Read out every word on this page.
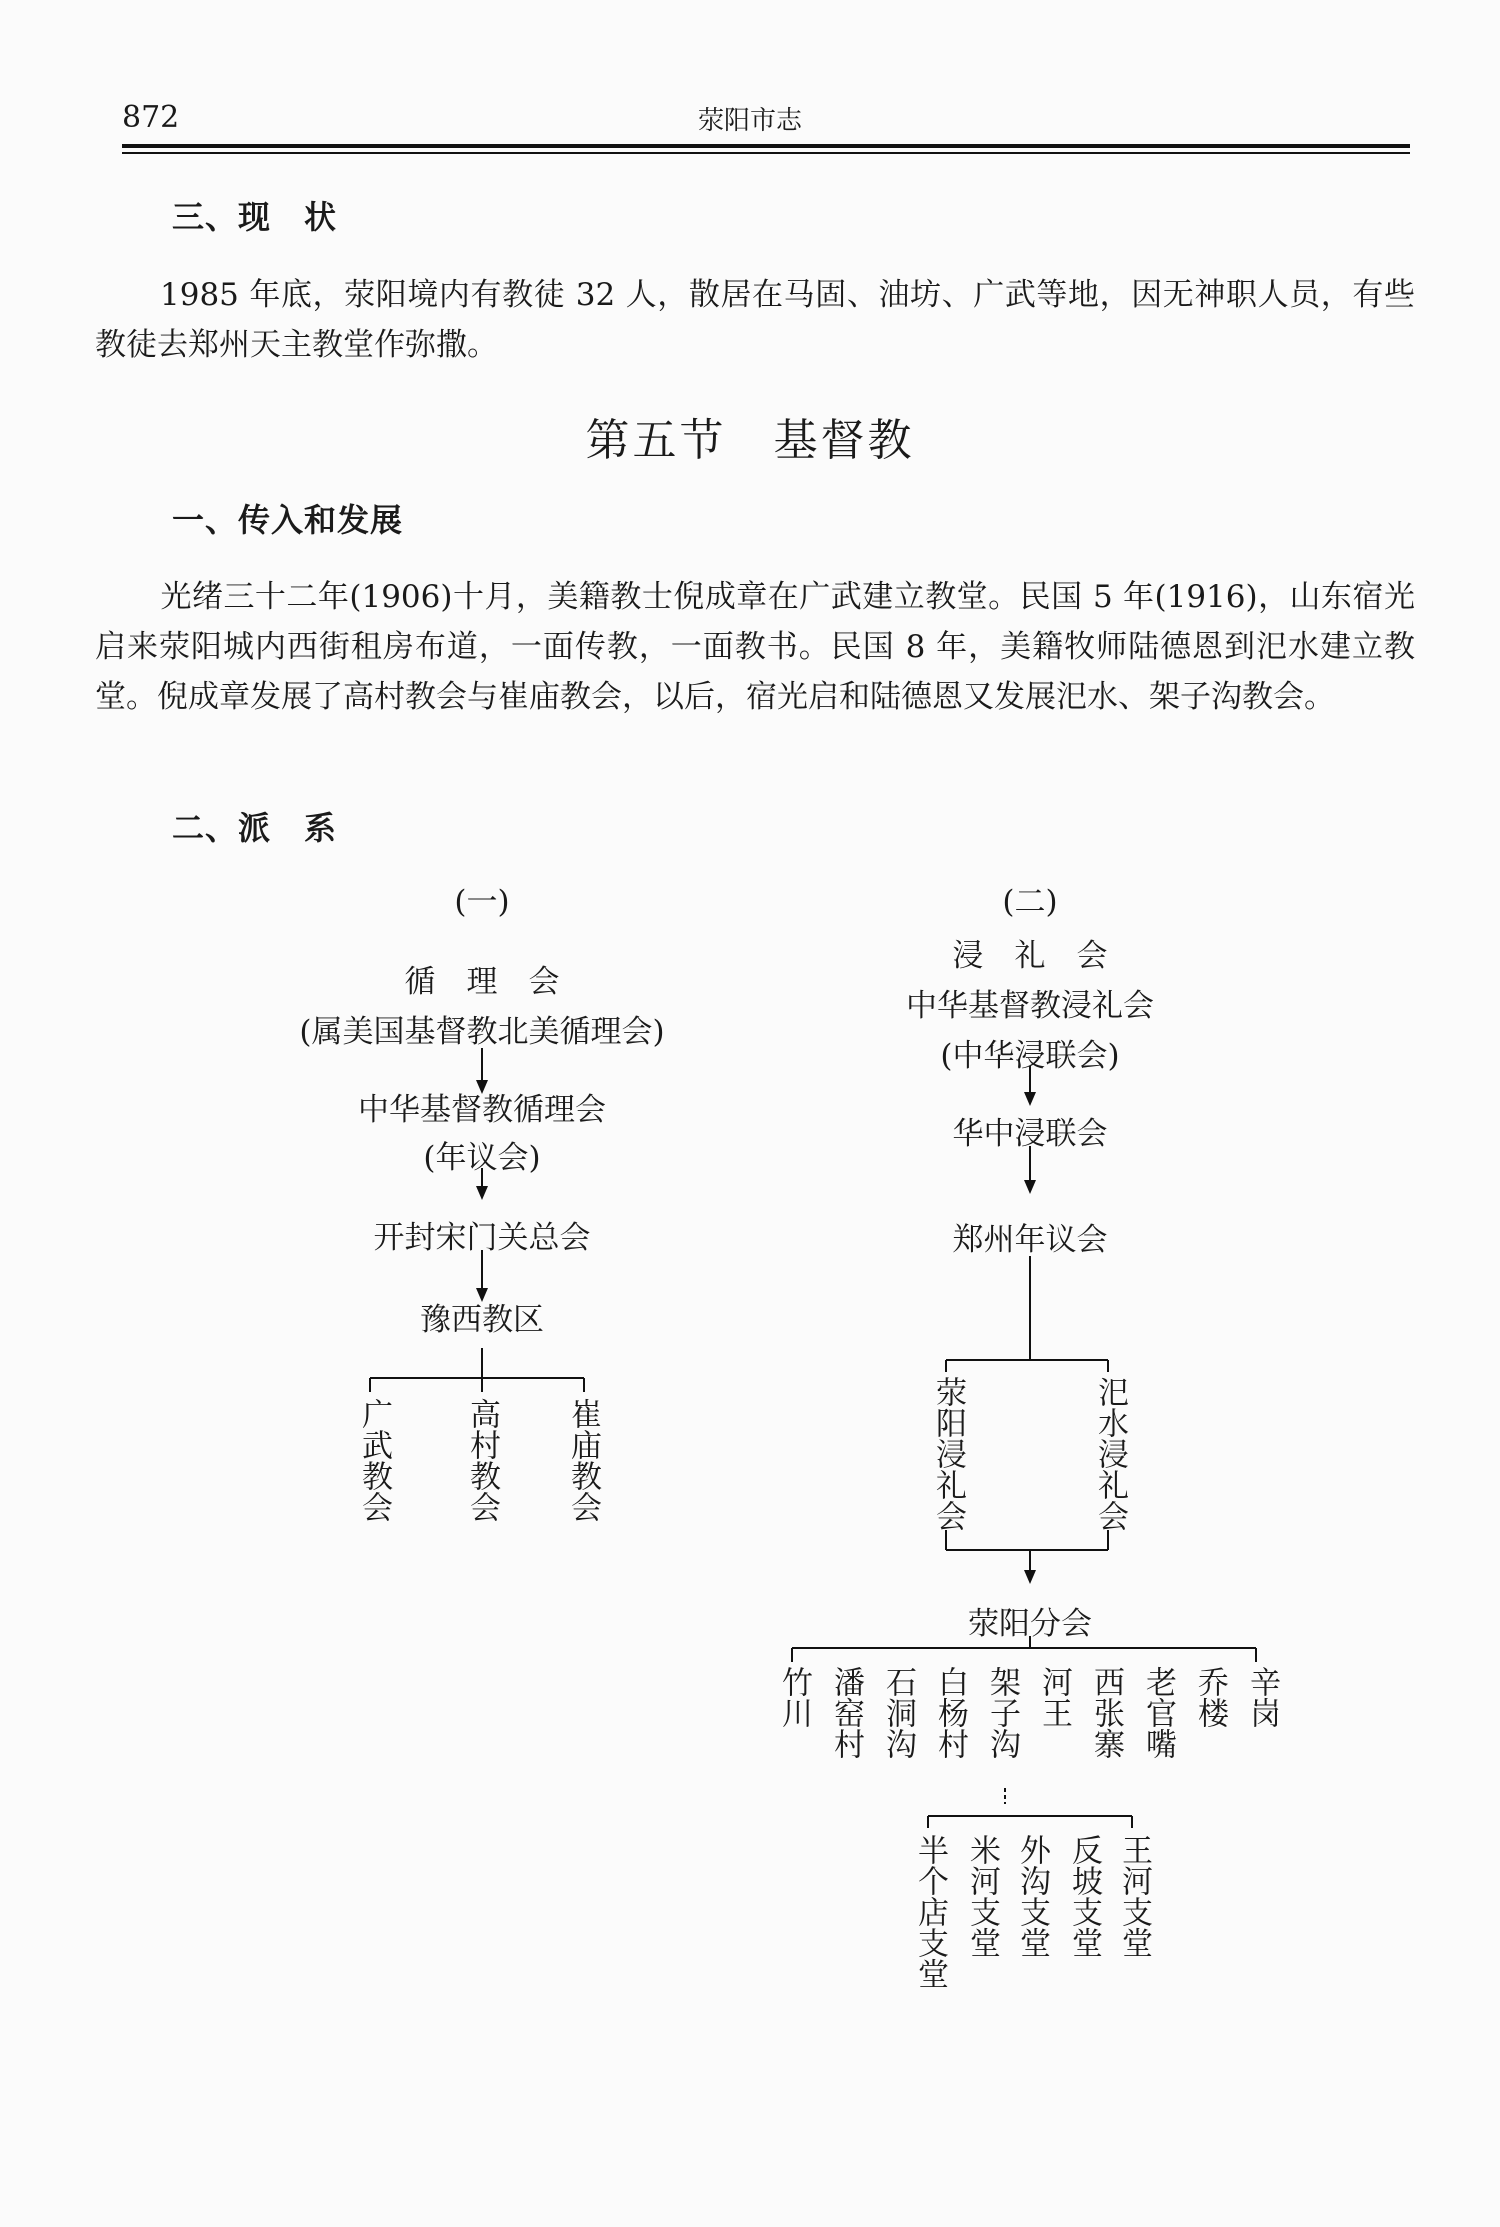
872	荥阳市志
三、现　状
1985 年底，荥阳境内有教徒 32 人，散居在马固、油坊、广武等地，因无神职人员，有些教徒去郑州天主教堂作弥撒。
第五节　基督教
一、传入和发展
光绪三十二年(1906)十月，美籍教士倪成章在广武建立教堂。民国 5 年(1916)，山东宿光启来荥阳城内西街租房布道，一面传教，一面教书。民国 8 年，美籍牧师陆德恩到汜水建立教堂。倪成章发展了高村教会与崔庙教会，以后，宿光启和陆德恩又发展汜水、架子沟教会。
二、派　系
(一)
循　理　会
(属美国基督教北美循理会)
中华基督教循理会
(年议会)
开封宋门关总会
豫西教区
广武教会 高村教会 崔庙教会
(二)
浸　礼　会
中华基督教浸礼会
(中华浸联会)
华中浸联会
郑州年议会
荥阳浸礼会	汜水浸礼会
荥阳分会
竹川 潘窑村 石洞沟 白杨村 架子沟 河王 西张寨 老官嘴 乔楼 辛岗
半个店支堂 米河支堂 外沟支堂 反坡支堂 王河支堂
